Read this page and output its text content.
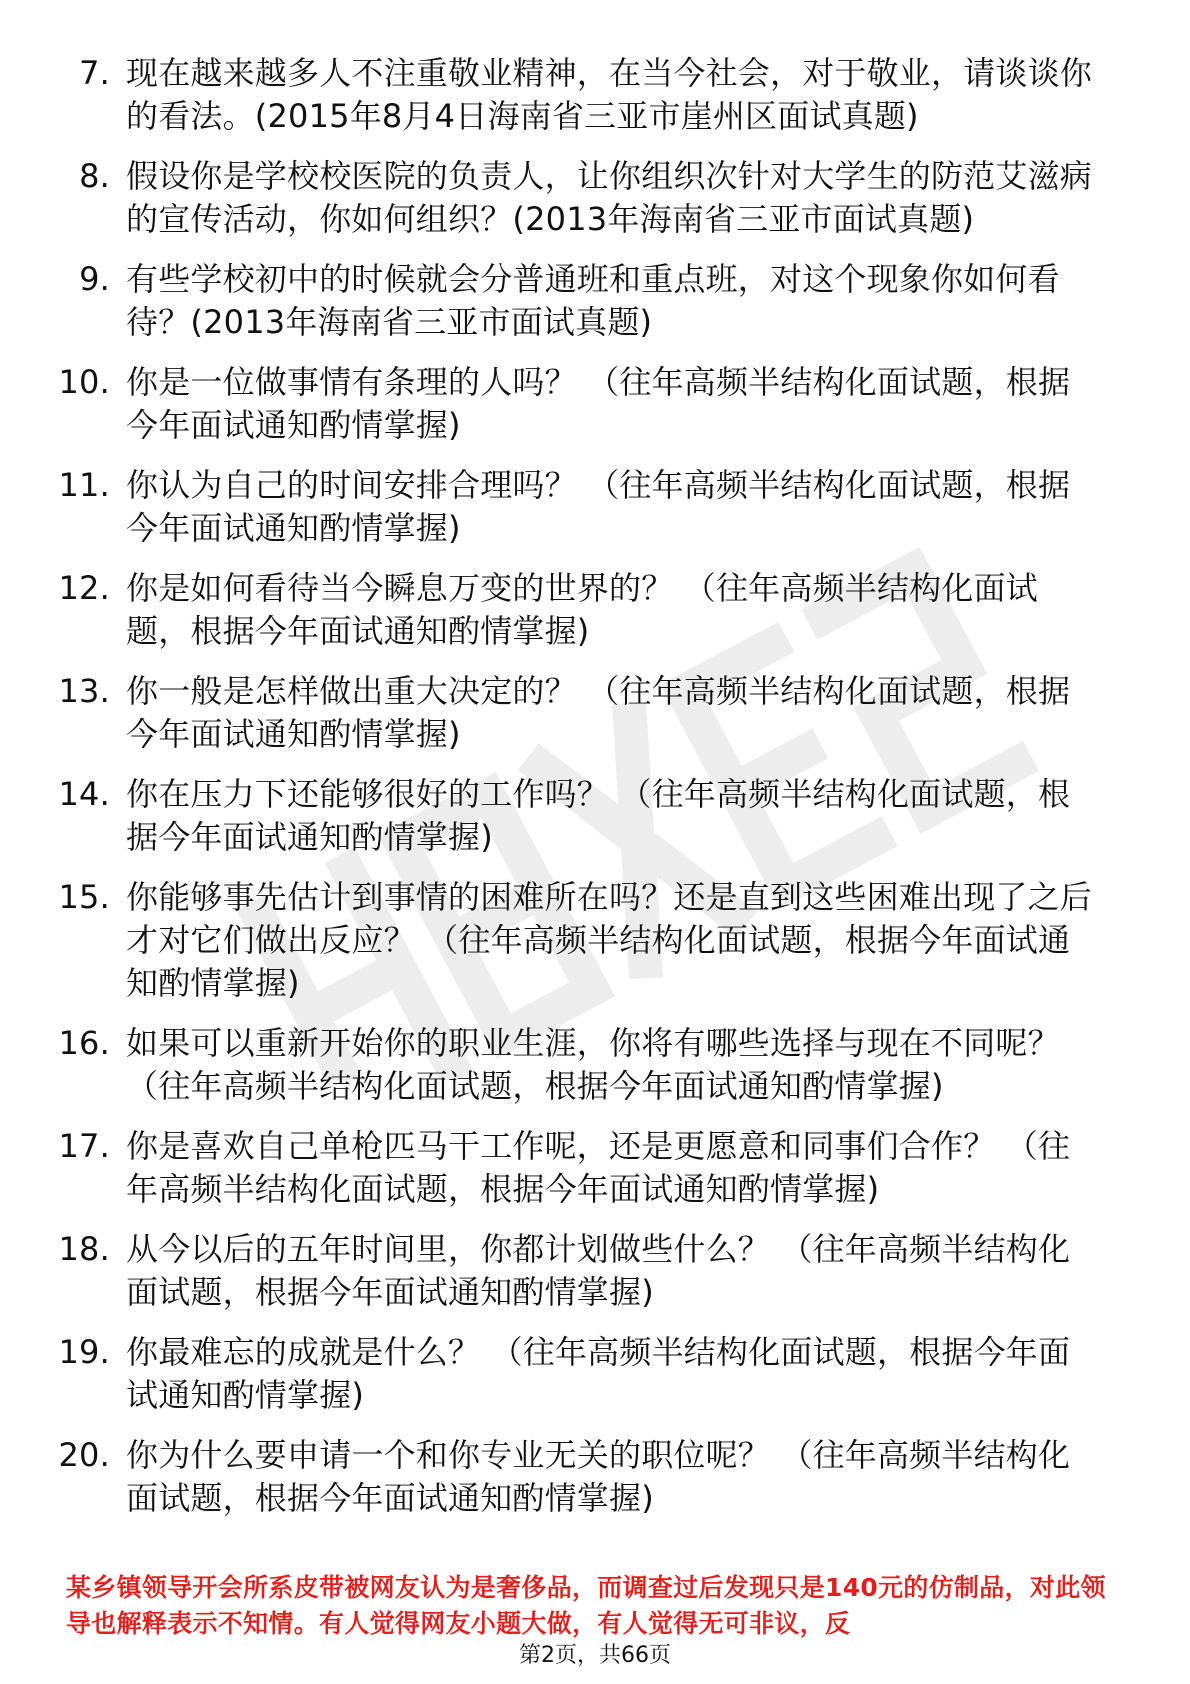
7. 现在越来越多人不注重敬业精神，在当今社会，对于敬业，请谈谈你的看法。(2015年8月4日海南省三亚市崖州区面试真题)
8. 假设你是学校校医院的负责人，让你组织次针对大学生的防范艾滋病的宣传活动，你如何组织？(2013年海南省三亚市面试真题)
9. 有些学校初中的时候就会分普通班和重点班，对这个现象你如何看待？(2013年海南省三亚市面试真题)
10. 你是一位做事情有条理的人吗？ （往年高频半结构化面试题，根据今年面试通知酌情掌握)
11. 你认为自己的时间安排合理吗？ （往年高频半结构化面试题，根据今年面试通知酌情掌握)
12. 你是如何看待当今瞬息万变的世界的？ （往年高频半结构化面试题，根据今年面试通知酌情掌握)
13. 你一般是怎样做出重大决定的？ （往年高频半结构化面试题，根据今年面试通知酌情掌握)
14. 你在压力下还能够很好的工作吗？ （往年高频半结构化面试题，根据今年面试通知酌情掌握)
15. 你能够事先估计到事情的困难所在吗？还是直到这些困难出现了之后才对它们做出反应？ （往年高频半结构化面试题，根据今年面试通知酌情掌握)
16. 如果可以重新开始你的职业生涯，你将有哪些选择与现在不同呢？ （往年高频半结构化面试题，根据今年面试通知酌情掌握)
17. 你是喜欢自己单枪匹马干工作呢，还是更愿意和同事们合作？ （往年高频半结构化面试题，根据今年面试通知酌情掌握)
18. 从今以后的五年时间里，你都计划做些什么？ （往年高频半结构化面试题，根据今年面试通知酌情掌握)
19. 你最难忘的成就是什么？ （往年高频半结构化面试题，根据今年面试通知酌情掌握)
20. 你为什么要申请一个和你专业无关的职位呢？ （往年高频半结构化面试题，根据今年面试通知酌情掌握)
某乡镇领导开会所系皮带被网友认为是奢侈品，而调查过后发现只是140元的仿制品，对此领导也解释表示不知情。有人觉得网友小题大做，有人觉得无可非议，反
第2页，共66页
